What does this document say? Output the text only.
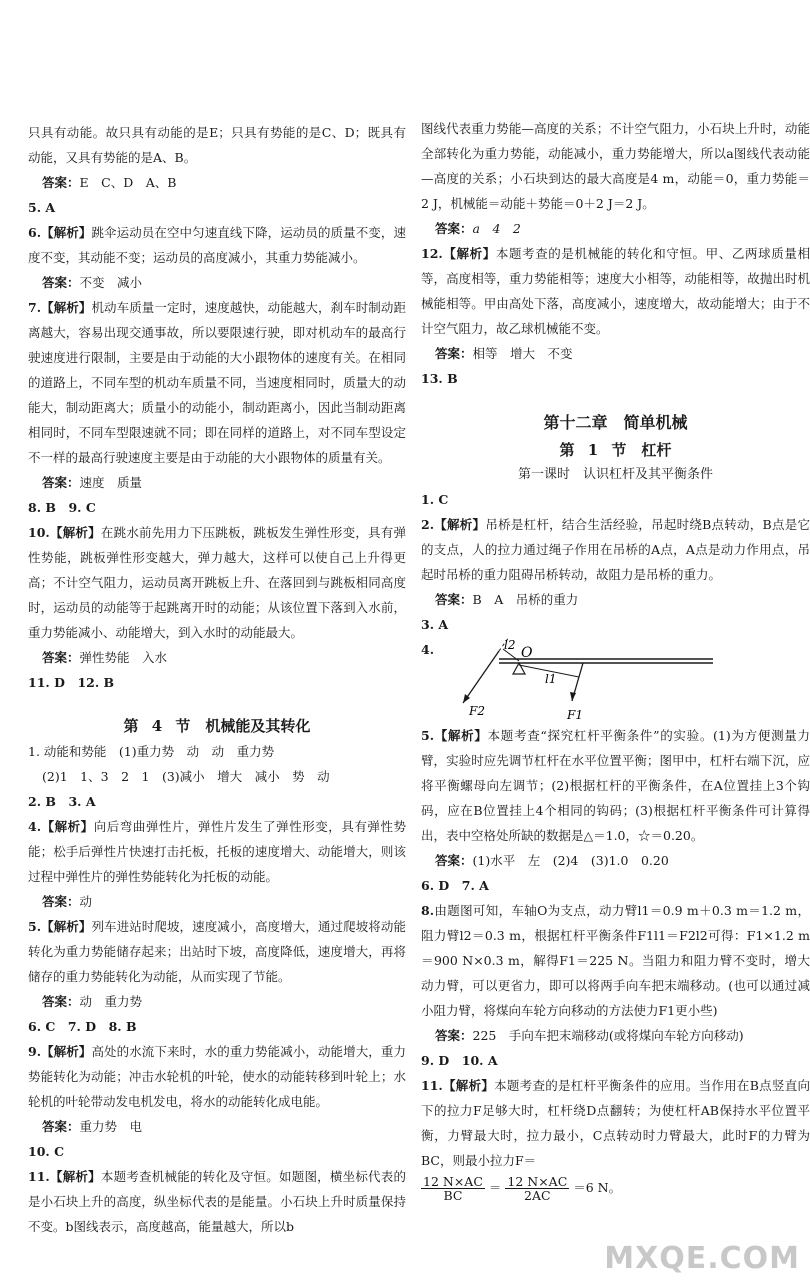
只具有动能。故只具有动能的是E；只具有势能的是C、D；既具有动能，又具有势能的是A、B。

答案：E　C、D　A、B
5. A

6.【解析】跳伞运动员在空中匀速直线下降，运动员的质量不变，速度不变，其动能不变；运动员的高度减小，其重力势能减小。

答案：不变　减小

7.【解析】机动车质量一定时，速度越快，动能越大，刹车时制动距离越大，容易出现交通事故，所以要限速行驶，即对机动车的最高行驶速度进行限制，主要是由于动能的大小跟物体的速度有关。在相同的道路上，不同车型的机动车质量不同，当速度相同时，质量大的动能大，制动距离大；质量小的动能小，制动距离小，因此当制动距离相同时，不同车型限速就不同；即在同样的道路上，对不同车型设定不一样的最高行驶速度主要是由于动能的大小跟物体的质量有关。

答案：速度　质量
8. B　9. C

10.【解析】在跳水前先用力下压跳板，跳板发生弹性形变，具有弹性势能，跳板弹性形变越大，弹力越大，这样可以使自己上升得更高；不计空气阻力，运动员离开跳板上升、在落回到与跳板相同高度时，运动员的动能等于起跳离开时的动能；从该位置下落到入水前，重力势能减小、动能增大，到入水时的动能最大。

答案：弹性势能　入水
11. D　12. B
第 4 节　机械能及其转化
1. 动能和势能　(1)重力势　动　动　重力势
(2)1　1、3　2　1　(3)减小　增大　减小　势　动
2. B　3. A

4.【解析】向后弯曲弹性片，弹性片发生了弹性形变，具有弹性势能；松手后弹性片快速打击托板，托板的速度增大、动能增大，则该过程中弹性片的弹性势能转化为托板的动能。

答案：动

5.【解析】列车进站时爬坡，速度减小，高度增大，通过爬坡将动能转化为重力势能储存起来；出站时下坡，高度降低，速度增大，再将储存的重力势能转化为动能，从而实现了节能。

答案：动　重力势
6. C　7. D　8. B

9.【解析】高处的水流下来时，水的重力势能减小，动能增大，重力势能转化为动能；冲击水轮机的叶轮，使水的动能转移到叶轮上；水轮机的叶轮带动发电机发电，将水的动能转化成电能。

答案：重力势　电
10. C

11.【解析】本题考查机械能的转化及守恒。如题图，横坐标代表的是小石块上升的高度，纵坐标代表的是能量。小石块上升时质量保持不变。b图线表示，高度越高，能量越大，所以b

图线代表重力势能—高度的关系；不计空气阻力，小石块上升时，动能全部转化为重力势能，动能减小，重力势能增大，所以a图线代表动能—高度的关系；小石块到达的最大高度是4 m，动能＝0，重力势能＝2 J，机械能＝动能＋势能＝0＋2 J＝2 J。

答案：a　4　2

12.【解析】本题考查的是机械能的转化和守恒。甲、乙两球质量相等，高度相等，重力势能相等；速度大小相等，动能相等，故抛出时机械能相等。甲由高处下落，高度减小，速度增大，故动能增大；由于不计空气阻力，故乙球机械能不变。

答案：相等　增大　不变
13. B
第十二章　简单机械
第 1 节　杠杆
第一课时　认识杠杆及其平衡条件
1. C

2.【解析】吊桥是杠杆，结合生活经验，吊起时绕B点转动，B点是它的支点，人的拉力通过绳子作用在吊桥的A点，A点是动力作用点，吊起时吊桥的重力阻碍吊桥转动，故阻力是吊桥的重力。

答案：B　A　吊桥的重力
3. A
4.	l2 O
l1
F2	F1

5.【解析】本题考查“探究杠杆平衡条件”的实验。(1)为方便测量力臂，实验时应先调节杠杆在水平位置平衡；图甲中，杠杆右端下沉，应将平衡螺母向左调节；(2)根据杠杆的平衡条件，在A位置挂上3个钩码，应在B位置挂上4个相同的钩码；(3)根据杠杆平衡条件可计算得出，表中空格处所缺的数据是△＝1.0，☆＝0.20。

答案：(1)水平　左　(2)4　(3)1.0　0.20
6. D　7. A

8.由题图可知，车轴O为支点，动力臂l1＝0.9 m＋0.3 m＝1.2 m，阻力臂l2＝0.3 m，根据杠杆平衡条件F1l1＝F2l2可得：F1×1.2 m＝900 N×0.3 m，解得F1＝225 N。当阻力和阻力臂不变时，增大动力臂，可以更省力，即可以将两手向车把末端移动。(也可以通过减小阻力臂，将煤向车轮方向移动的方法使力F1更小些)

答案：225　手向车把末端移动(或将煤向车轮方向移动)
9. D　10. A

11.【解析】本题考查的是杠杆平衡条件的应用。当作用在B点竖直向下的拉力F足够大时，杠杆绕D点翻转；为使杠杆AB保持水平位置平衡，力臂最大时，拉力最小，C点转动时力臂最大，此时F的力臂为BC，则最小拉力F＝

$\frac{12 N\times AC}{BC} = \frac{12 N\times AC}{2AC} =6$ N。
MXQE.COM
